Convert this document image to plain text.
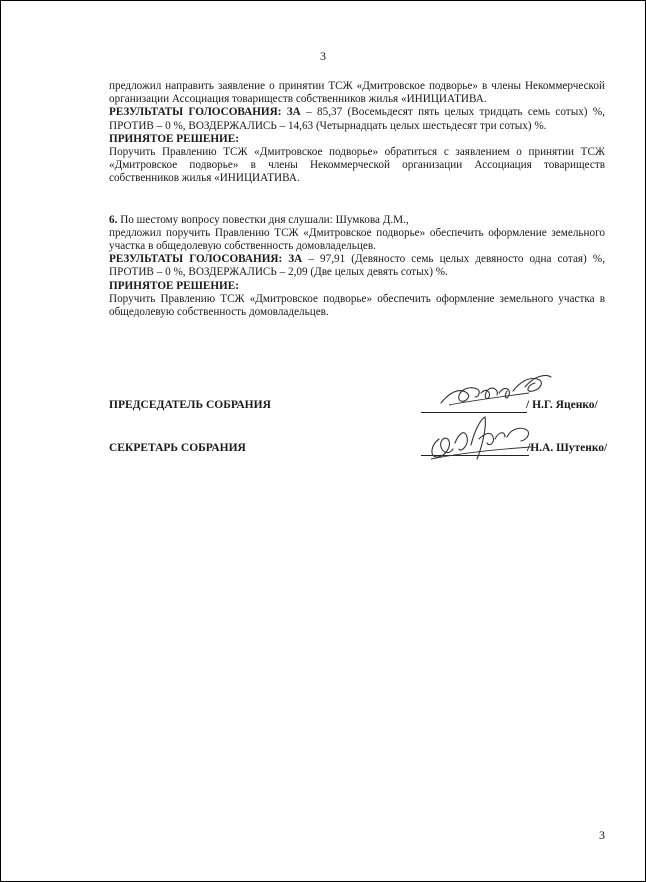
3

предложил направить заявление о принятии ТСЖ «Дмитровское подворье» в члены Некоммерческой организации Ассоциация товариществ собственников жилья «ИНИЦИАТИВА.

РЕЗУЛЬТАТЫ ГОЛОСОВАНИЯ: ЗА – 85,37 (Восемьдесят пять целых тридцать семь сотых) %, ПРОТИВ – 0 %, ВОЗДЕРЖАЛИСЬ – 14,63 (Четырнадцать целых шестьдесят три сотых) %.

ПРИНЯТОЕ РЕШЕНИЕ:

Поручить Правлению ТСЖ «Дмитровское подворье» обратиться с заявлением о принятии ТСЖ «Дмитровское подворье» в члены Некоммерческой организации Ассоциация товариществ собственников жилья «ИНИЦИАТИВА.

6. По шестому вопросу повестки дня слушали: Шумкова Д.М.,

предложил поручить Правлению ТСЖ «Дмитровское подворье» обеспечить оформление земельного участка в общедолевую собственность домовладельцев.

РЕЗУЛЬТАТЫ ГОЛОСОВАНИЯ: ЗА – 97,91 (Девяносто семь целых девяносто одна сотая) %, ПРОТИВ – 0 %, ВОЗДЕРЖАЛИСЬ – 2,09 (Две целых девять сотых) %.

ПРИНЯТОЕ РЕШЕНИЕ:

Поручить Правлению ТСЖ «Дмитровское подворье» обеспечить оформление земельного участка в общедолевую собственность домовладельцев.

ПРЕДСЕДАТЕЛЬ СОБРАНИЯ	/ Н.Г. Яценко/
СЕКРЕТАРЬ СОБРАНИЯ	/Н.А. Шутенко/
3
